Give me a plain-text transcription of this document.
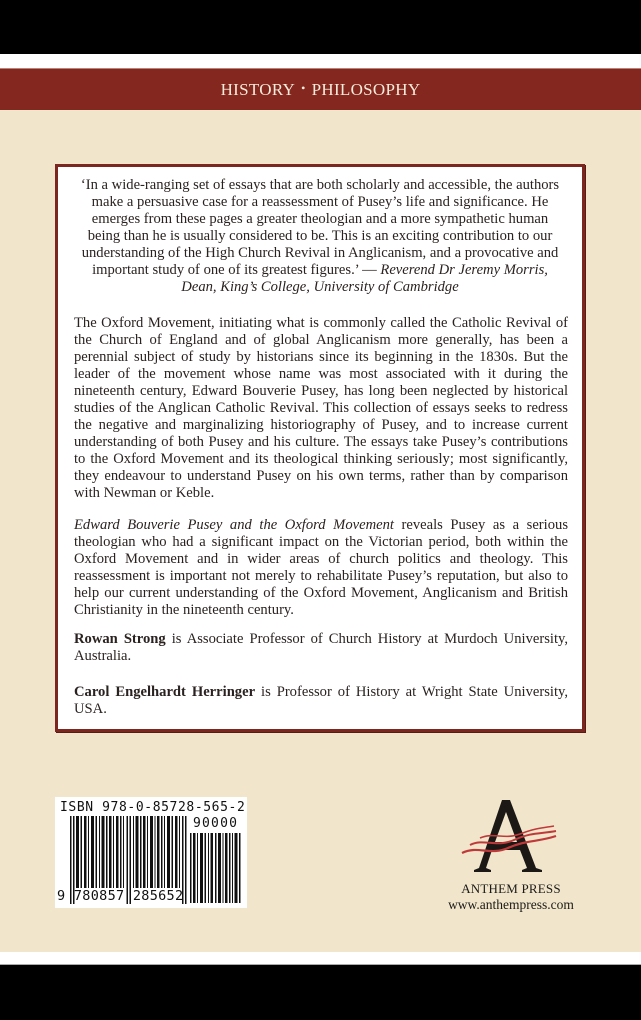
HISTORY • PHILOSOPHY
‘In a wide-ranging set of essays that are both scholarly and accessible, the authors make a persuasive case for a reassessment of Pusey’s life and significance. He emerges from these pages a greater theologian and a more sympathetic human being than he is usually considered to be. This is an exciting contribution to our understanding of the High Church Revival in Anglicanism, and a provocative and important study of one of its greatest figures.’ — Reverend Dr Jeremy Morris, Dean, King’s College, University of Cambridge
The Oxford Movement, initiating what is commonly called the Catholic Revival of the Church of England and of global Anglicanism more generally, has been a perennial subject of study by historians since its beginning in the 1830s. But the leader of the movement whose name was most associated with it during the nineteenth century, Edward Bouverie Pusey, has long been neglected by historical studies of the Anglican Catholic Revival. This collection of essays seeks to redress the negative and marginalizing historiography of Pusey, and to increase current understanding of both Pusey and his culture. The essays take Pusey’s contributions to the Oxford Movement and its theological thinking seriously; most significantly, they endeavour to understand Pusey on his own terms, rather than by comparison with Newman or Keble.
Edward Bouverie Pusey and the Oxford Movement reveals Pusey as a serious theologian who had a significant impact on the Victorian period, both within the Oxford Movement and in wider areas of church politics and theology. This reassessment is important not merely to rehabilitate Pusey’s reputation, but also to help our current understanding of the Oxford Movement, Anglicanism and British Christianity in the nineteenth century.
Rowan Strong is Associate Professor of Church History at Murdoch University, Australia.
Carol Engelhardt Herringer is Professor of History at Wright State University, USA.
ISBN 978-0-85728-565-2
90000
9 780857 285652	ANTHEM PRESS
www.anthempress.com
